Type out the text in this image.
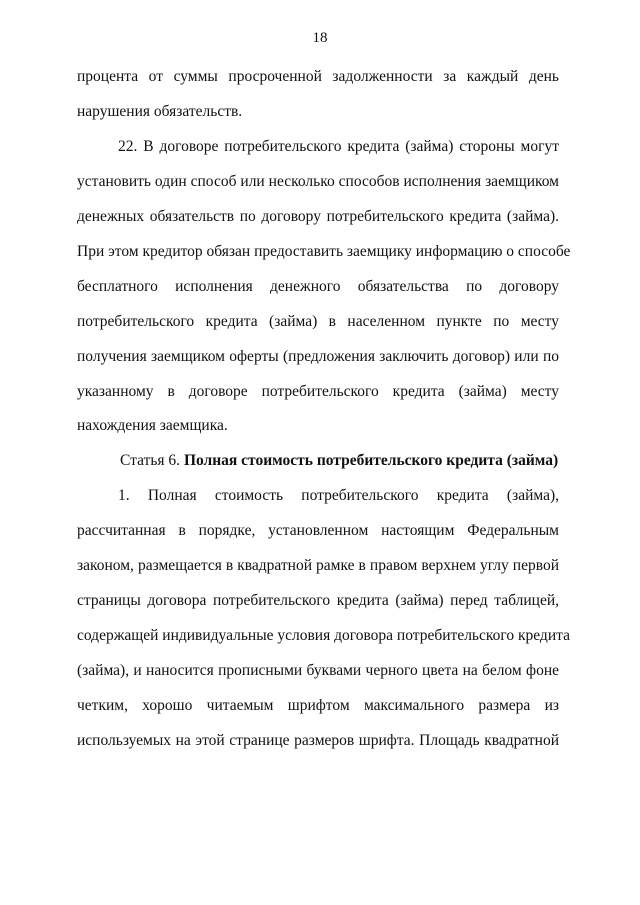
18
процента от суммы просроченной задолженности за каждый день
нарушения обязательств.
22. В договоре потребительского кредита (займа) стороны могут
установить один способ или несколько способов исполнения заемщиком
денежных обязательств по договору потребительского кредита (займа).
При этом кредитор обязан предоставить заемщику информацию о способе
бесплатного исполнения денежного обязательства по договору
потребительского кредита (займа) в населенном пункте по месту
получения заемщиком оферты (предложения заключить договор) или по
указанному в договоре потребительского кредита (займа) месту
нахождения заемщика.
Статья 6. Полная стоимость потребительского кредита (займа)
1. Полная стоимость потребительского кредита (займа),
рассчитанная в порядке, установленном настоящим Федеральным
законом, размещается в квадратной рамке в правом верхнем углу первой
страницы договора потребительского кредита (займа) перед таблицей,
содержащей индивидуальные условия договора потребительского кредита
(займа), и наносится прописными буквами черного цвета на белом фоне
четким, хорошо читаемым шрифтом максимального размера из
используемых на этой странице размеров шрифта. Площадь квадратной
